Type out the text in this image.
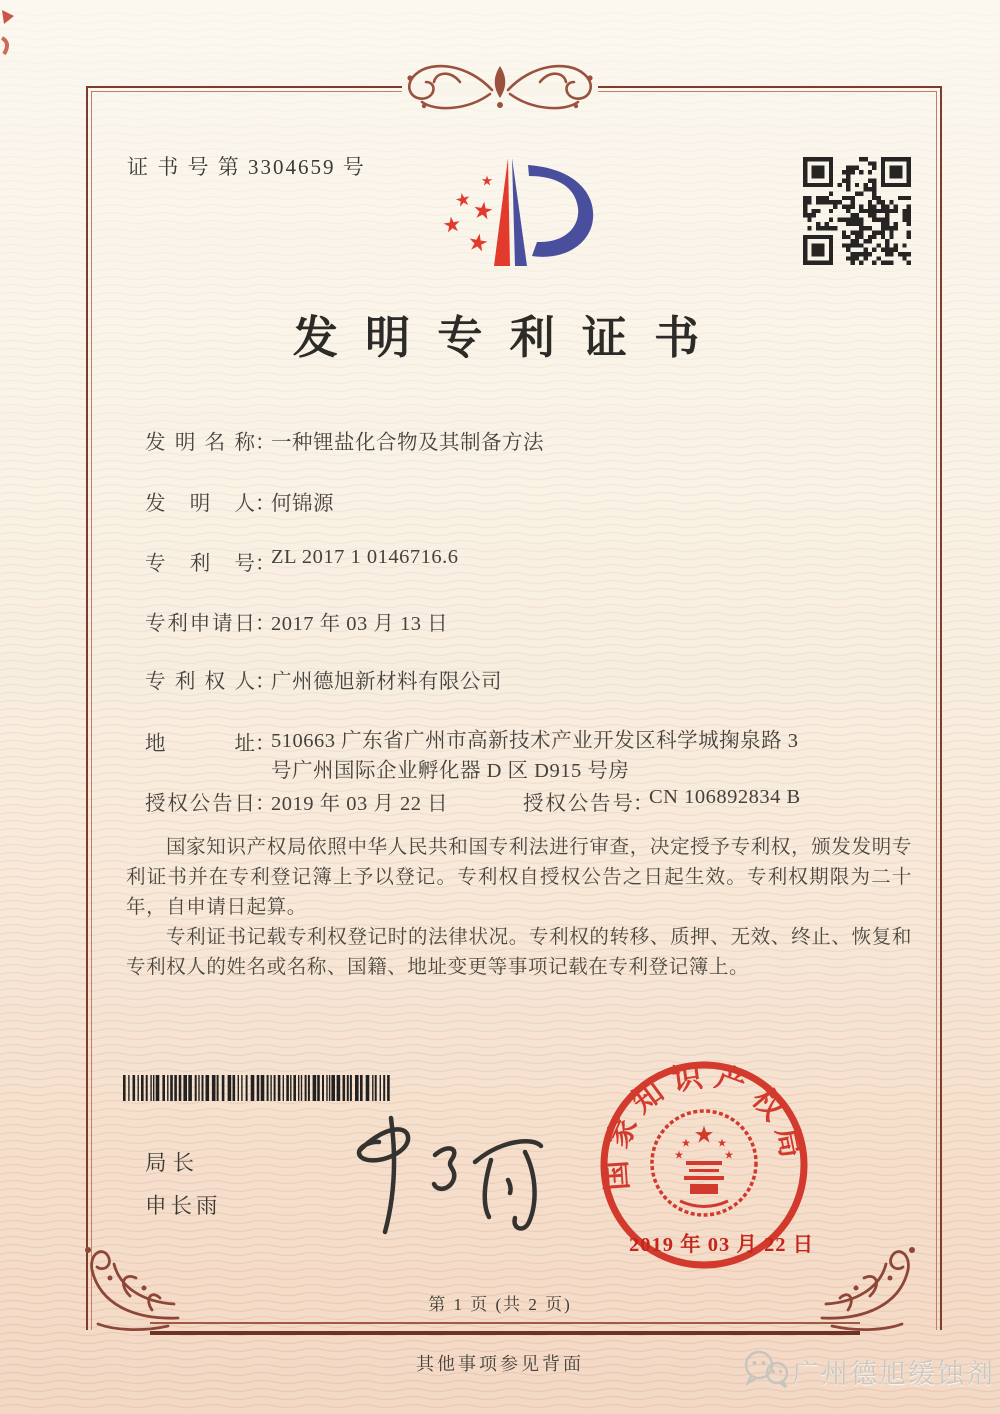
证 书 号 第 3304659 号
发 明 专 利 证 书
发明名称：一种锂盐化合物及其制备方法
发明人：何锦源
专利号：ZL 2017 1 0146716.6
专利申请日：2017 年 03 月 13 日
专利权人：广州德旭新材料有限公司
地址：
510663 广东省广州市高新技术产业开发区科学城掬泉路 3
号广州国际企业孵化器 D 区 D915 号房
授权公告日：2019 年 03 月 22 日	授权公告号：CN 106892834 B

国家知识产权局依照中华人民共和国专利法进行审查，决定授予专利权，颁发发明专利证书并在专利登记簿上予以登记。专利权自授权公告之日起生效。专利权期限为二十年，自申请日起算。

专利证书记载专利权登记时的法律状况。专利权的转移、质押、无效、终止、恢复和专利权人的姓名或名称、国籍、地址变更等事项记载在专利登记簿上。

局长
申长雨
国家知识产权局
2019 年 03 月 22 日
第 1 页 (共 2 页)
其他事项参见背面	广州德旭缓蚀剂
